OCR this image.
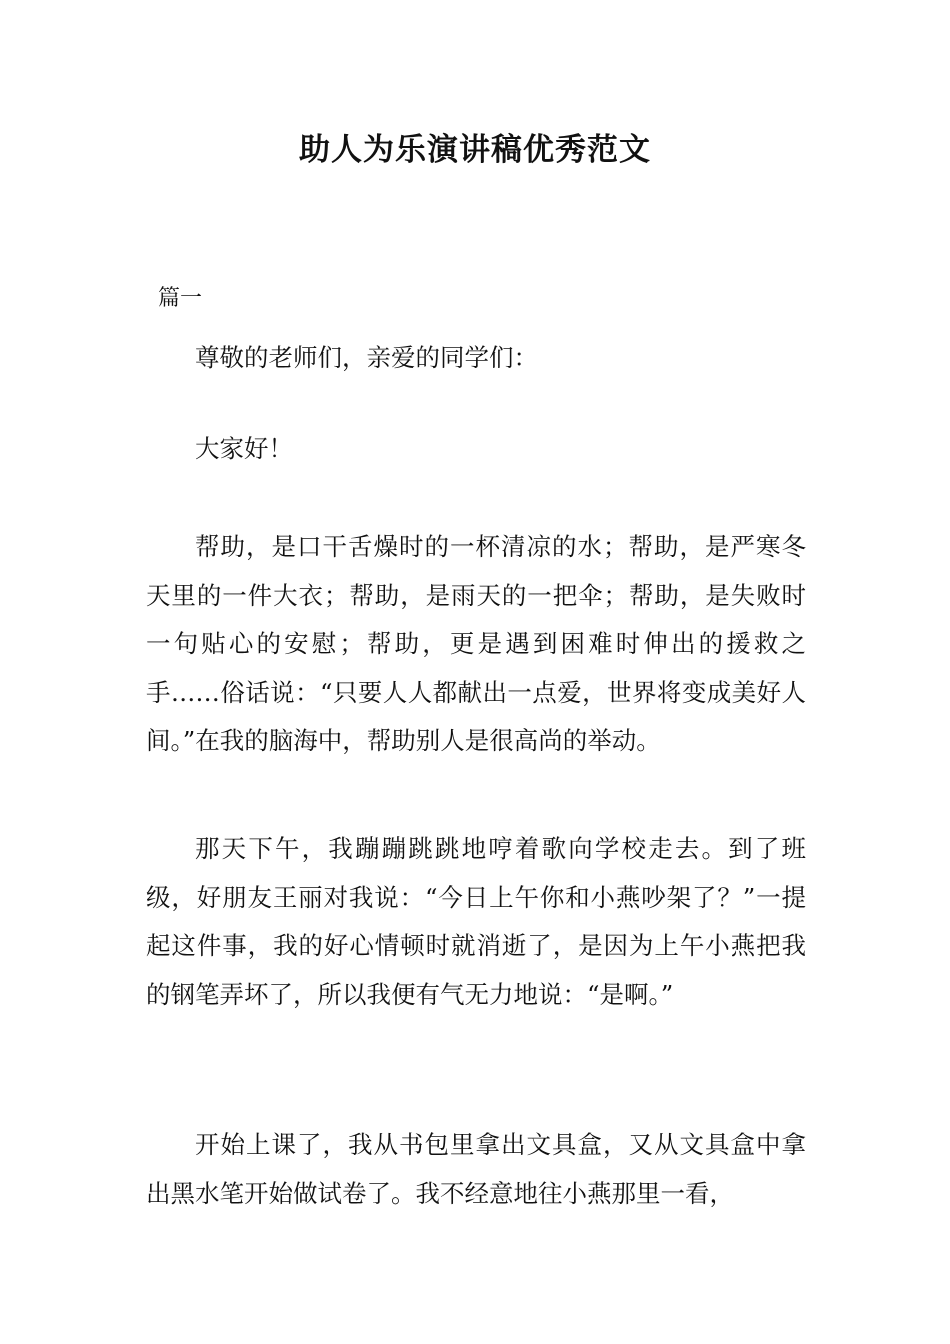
助人为乐演讲稿优秀范文
篇一

尊敬的老师们，亲爱的同学们：

大家好！

帮助，是口干舌燥时的一杯清凉的水；帮助，是严寒冬天里的一件大衣；帮助，是雨天的一把伞；帮助，是失败时一句贴心的安慰；帮助，更是遇到困难时伸出的援救之手……俗话说：“只要人人都献出一点爱，世界将变成美好人间。”在我的脑海中，帮助别人是很高尚的举动。

那天下午，我蹦蹦跳跳地哼着歌向学校走去。到了班级，好朋友王丽对我说：“今日上午你和小燕吵架了？”一提起这件事，我的好心情顿时就消逝了，是因为上午小燕把我的钢笔弄坏了，所以我便有气无力地说：“是啊。”

开始上课了，我从书包里拿出文具盒，又从文具盒中拿出黑水笔开始做试卷了。我不经意地往小燕那里一看，
